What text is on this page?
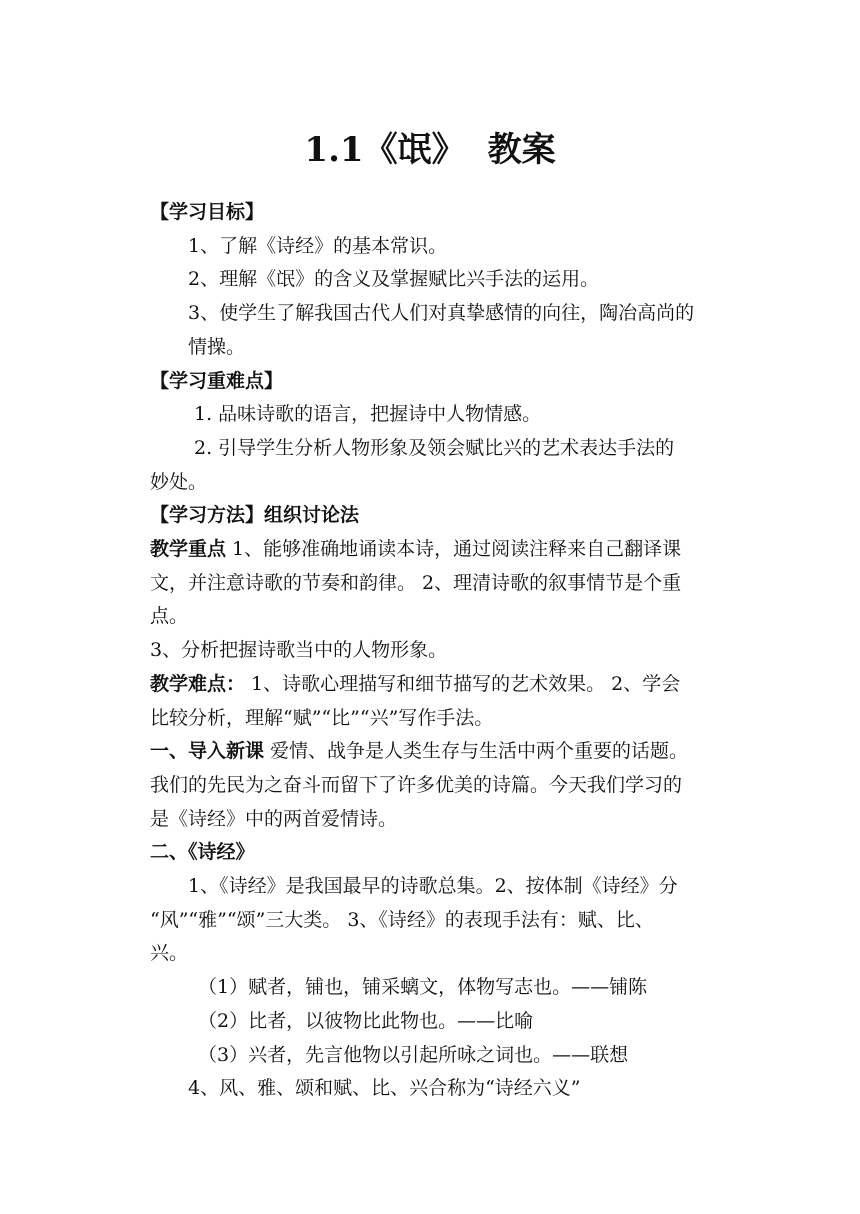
1.1《氓》 教案

【学习目标】

1、了解《诗经》的基本常识。

2、理解《氓》的含义及掌握赋比兴手法的运用。

3、使学生了解我国古代人们对真挚感情的向往，陶冶高尚的

情操。

【学习重难点】

1. 品味诗歌的语言，把握诗中人物情感。

2. 引导学生分析人物形象及领会赋比兴的艺术表达手法的

妙处。

【学习方法】组织讨论法

教学重点 1、能够准确地诵读本诗，通过阅读注释来自己翻译课

文，并注意诗歌的节奏和韵律。 2、理清诗歌的叙事情节是个重

点。

3、分析把握诗歌当中的人物形象。

教学难点： 1、诗歌心理描写和细节描写的艺术效果。 2、学会

比较分析，理解“赋”“比”“兴”写作手法。

一、导入新课 爱情、战争是人类生存与生活中两个重要的话题。

我们的先民为之奋斗而留下了许多优美的诗篇。今天我们学习的

是《诗经》中的两首爱情诗。

二、《诗经》

1、《诗经》是我国最早的诗歌总集。2、按体制《诗经》分

“风”“雅”“颂”三大类。 3、《诗经》的表现手法有：赋、比、

兴。

（1）赋者，铺也，铺采螭文，体物写志也。——铺陈

（2）比者，以彼物比此物也。——比喻

（3）兴者，先言他物以引起所咏之词也。——联想

4、风、雅、颂和赋、比、兴合称为“诗经六义”
